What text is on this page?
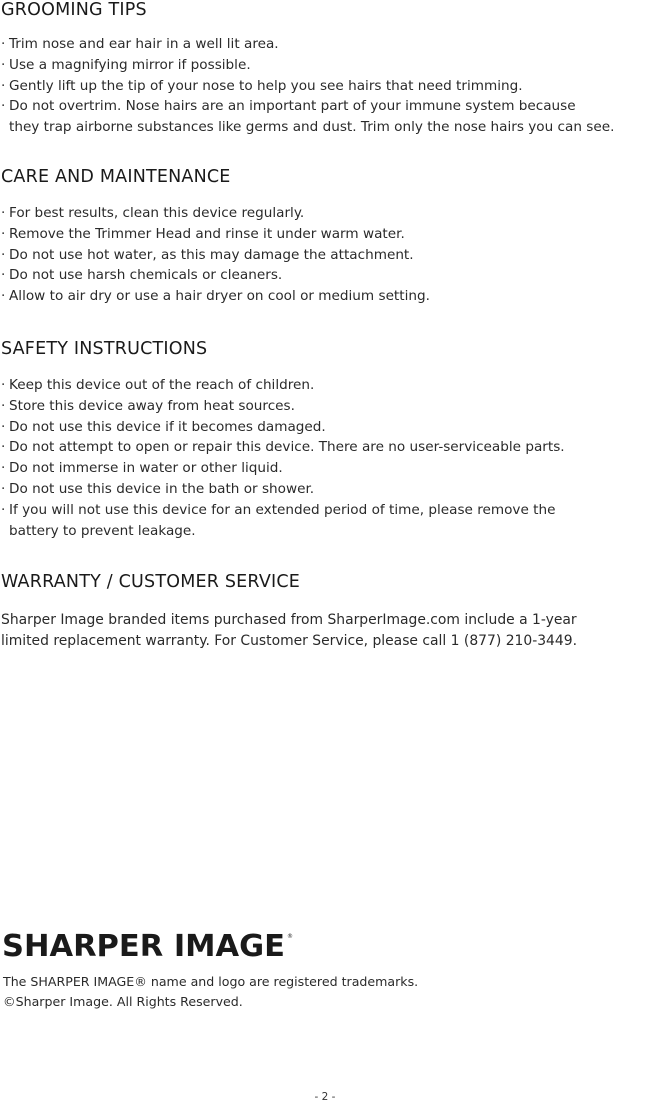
GROOMING TIPS
· Trim nose and ear hair in a well lit area.
· Use a magnifying mirror if possible.
· Gently lift up the tip of your nose to help you see hairs that need trimming.
· Do not overtrim. Nose hairs are an important part of your immune system because
they trap airborne substances like germs and dust. Trim only the nose hairs you can see.
CARE AND MAINTENANCE
· For best results, clean this device regularly.
· Remove the Trimmer Head and rinse it under warm water.
· Do not use hot water, as this may damage the attachment.
· Do not use harsh chemicals or cleaners.
· Allow to air dry or use a hair dryer on cool or medium setting.
SAFETY INSTRUCTIONS
· Keep this device out of the reach of children.
· Store this device away from heat sources.
· Do not use this device if it becomes damaged.
· Do not attempt to open or repair this device. There are no user-serviceable parts.
· Do not immerse in water or other liquid.
· Do not use this device in the bath or shower.
· If you will not use this device for an extended period of time, please remove the
battery to prevent leakage.
WARRANTY / CUSTOMER SERVICE

Sharper Image branded items purchased from SharperImage.com include a 1-year
limited replacement warranty. For Customer Service, please call 1 (877) 210-3449.

SHARPER IMAGE ®
The SHARPER IMAGE® name and logo are registered trademarks.
©Sharper Image. All Rights Reserved.
- 2 -
